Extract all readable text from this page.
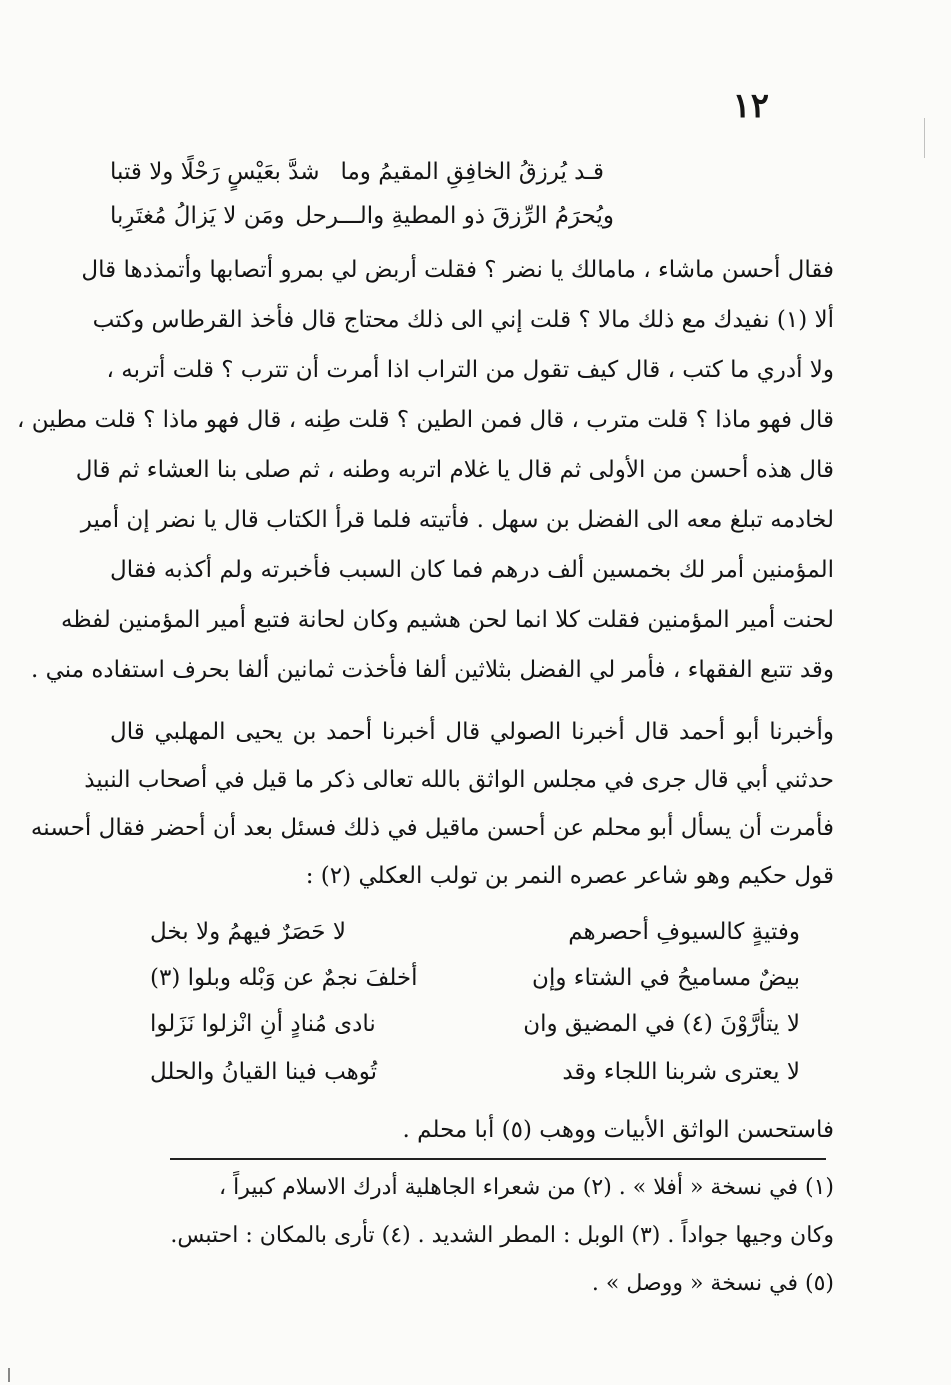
١٢
قـد يُرزقُ الخافِقِ المقيمُ وما
شدَّ بعَيْسٍ رَحْلًا ولا قتبا
ويُحرَمُ الرِّزقَ ذو المطيةِ والـــرحل
ومَن لا يَزالُ مُغتَرِبا
فقال أحسن ماشاء ، مامالك يا نضر ؟ فقلت أربض لي بمرو أتصابها وأتمذدها قال
ألا (١) نفيدك مع ذلك مالا ؟ قلت إني الى ذلك محتاج قال فأخذ القرطاس وكتب
ولا أدري ما كتب ، قال كيف تقول من التراب اذا أمرت أن تترب ؟ قلت أتربه ،
قال فهو ماذا ؟ قلت مترب ، قال فمن الطين ؟ قلت طِنه ، قال فهو ماذا ؟ قلت مطين ،
قال هذه أحسن من الأولى ثم قال يا غلام اتربه وطنه ، ثم صلى بنا العشاء ثم قال
لخادمه تبلغ معه الى الفضل بن سهل . فأتيته فلما قرأ الكتاب قال يا نضر إن أمير
المؤمنين أمر لك بخمسين ألف درهم فما كان السبب فأخبرته ولم أكذبه فقال
لحنت أمير المؤمنين فقلت كلا انما لحن هشيم وكان لحانة فتبع أمير المؤمنين لفظه
وقد تتبع الفقهاء ، فأمر لي الفضل بثلاثين ألفا فأخذت ثمانين ألفا بحرف استفاده مني .
وأخبرنا أبو أحمد قال أخبرنا الصولي قال أخبرنا أحمد بن يحيى المهلبي قال
حدثني أبي قال جرى في مجلس الواثق بالله تعالى ذكر ما قيل في أصحاب النبيذ
فأمرت أن يسأل أبو محلم عن أحسن ماقيل في ذلك فسئل بعد أن أحضر فقال أحسنه
قول حكيم وهو شاعر عصره النمر بن تولب العكلي (٢) :
وفتيةٍ كالسيوفِ أحصرهم
لا حَصَرٌ فيهمُ ولا بخل
بيضٌ مساميحُ في الشتاء وإن
أخلفَ نجمٌ عن وَبْله وبلوا (٣)
لا يتأرَّوْنَ (٤) في المضيق وان
نادى مُنادٍ أنِ انْزلوا نَزَلوا
لا يعترى شربنا اللجاء وقد
تُوهب فينا القيانُ والحلل
فاستحسن الواثق الأبيات ووهب (٥) أبا محلم .
(١) في نسخة « أفلا » . (٢) من شعراء الجاهلية أدرك الاسلام كبيراً ،
وكان وجيها جواداً . (٣) الوبل : المطر الشديد . (٤) تأرى بالمكان : احتبس.
(٥) في نسخة « ووصل » .
